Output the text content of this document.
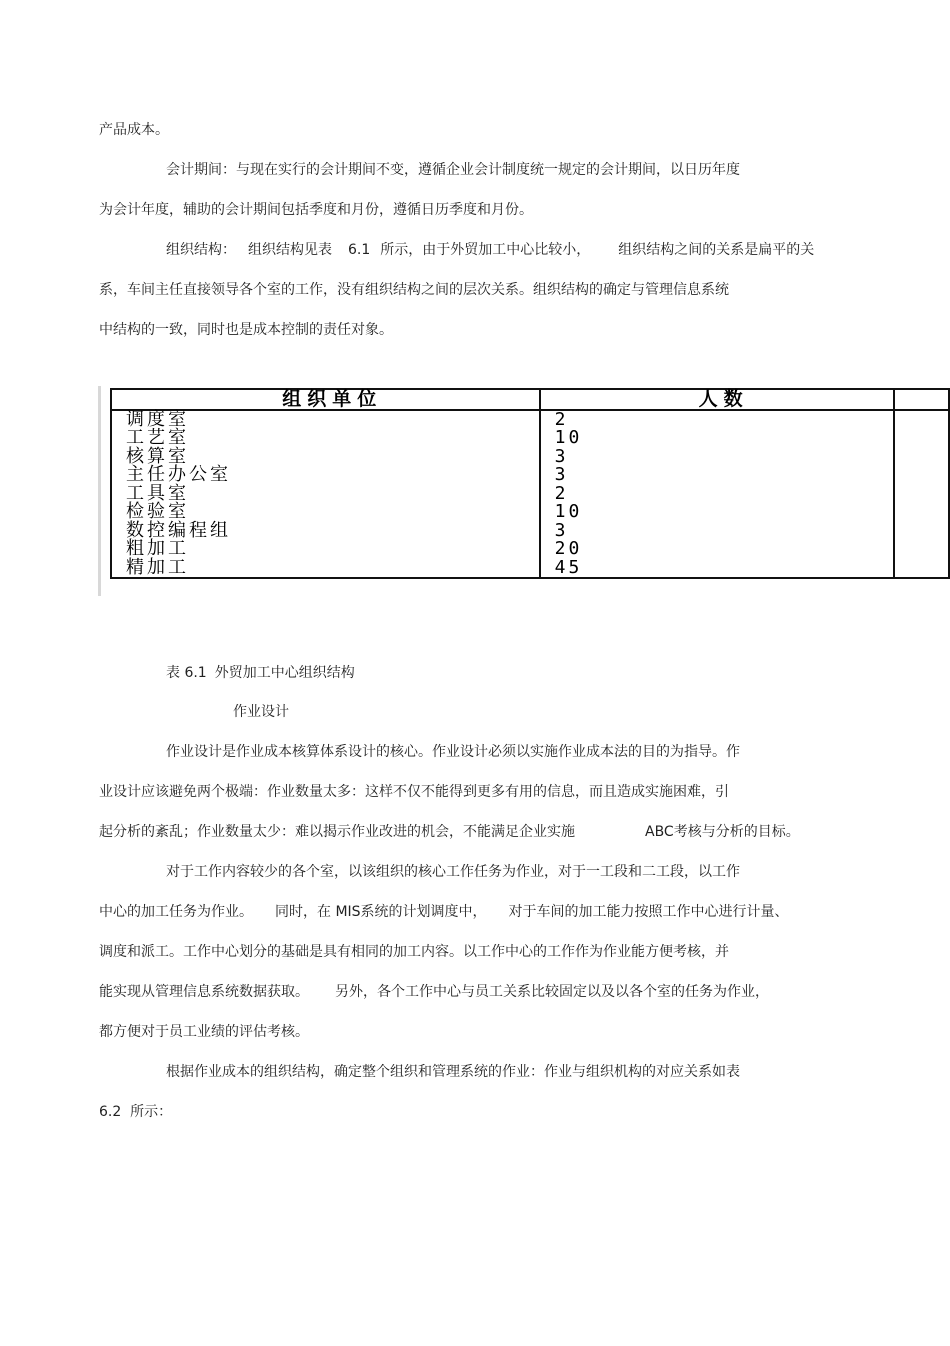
产品成本。
会计期间：与现在实行的会计期间不变，遵循企业会计制度统一规定的会计期间，以日历年度
为会计年度，辅助的会计期间包括季度和月份，遵循日历季度和月份。
组织结构： 组织结构见表 6.1 所示，由于外贸加工中心比较小， 组织结构之间的关系是扁平的关
系，车间主任直接领导各个室的工作，没有组织结构之间的层次关系。组织结构的确定与管理信息系统
中结构的一致，同时也是成本控制的责任对象。
组织单位	人数	
调度室	2	
工艺室	10	
核算室	3	
主任办公室	3	
工具室	2	
检验室	10	
数控编程组	3	
粗加工	20	
精加工	45	
表 6.1 外贸加工中心组织结构
作业设计
作业设计是作业成本核算体系设计的核心。作业设计必须以实施作业成本法的目的为指导。作
业设计应该避免两个极端：作业数量太多：这样不仅不能得到更多有用的信息，而且造成实施困难，引
起分析的紊乱；作业数量太少：难以揭示作业改进的机会，不能满足企业实施	ABC考核与分析的目标。
对于工作内容较少的各个室，以该组织的核心工作任务为作业，对于一工段和二工段，以工作
中心的加工任务为作业。 同时，在 MIS系统的计划调度中， 对于车间的加工能力按照工作中心进行计量、
调度和派工。工作中心划分的基础是具有相同的加工内容。以工作中心的工作作为作业能方便考核，并
能实现从管理信息系统数据获取。 另外，各个工作中心与员工关系比较固定以及以各个室的任务为作业，
都方便对于员工业绩的评估考核。
根据作业成本的组织结构，确定整个组织和管理系统的作业：作业与组织机构的对应关系如表
6.2  所示：
